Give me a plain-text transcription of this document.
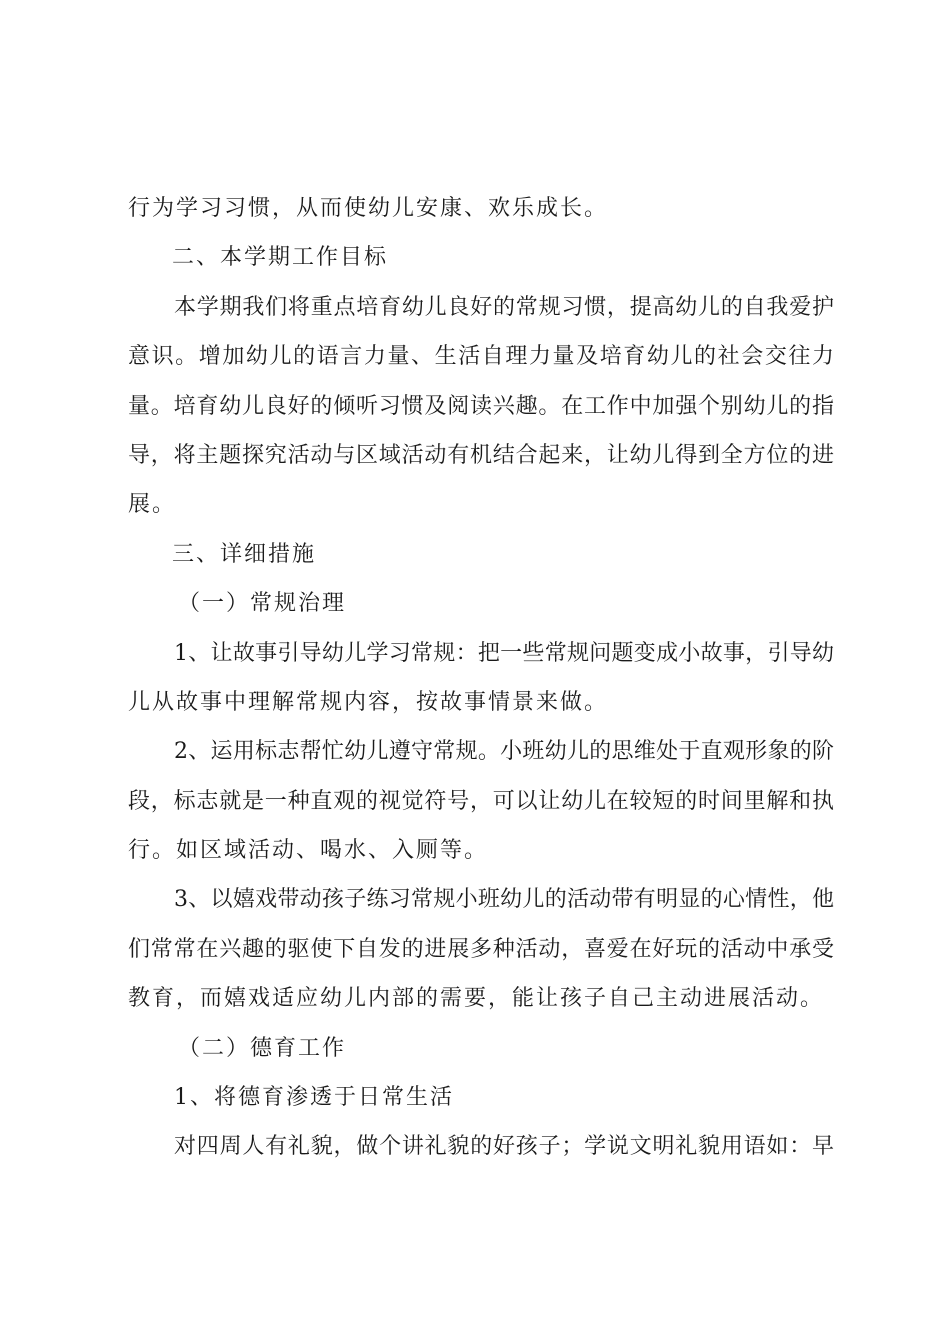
行为学习习惯，从而使幼儿安康、欢乐成长。
二、本学期工作目标
本学期我们将重点培育幼儿良好的常规习惯，提高幼儿的自我爱护
意识。增加幼儿的语言力量、生活自理力量及培育幼儿的社会交往力
量。培育幼儿良好的倾听习惯及阅读兴趣。在工作中加强个别幼儿的指
导，将主题探究活动与区域活动有机结合起来，让幼儿得到全方位的进
展。
三、详细措施
（一）常规治理
1、让故事引导幼儿学习常规：把一些常规问题变成小故事，引导幼
儿从故事中理解常规内容，按故事情景来做。
2、运用标志帮忙幼儿遵守常规。小班幼儿的思维处于直观形象的阶
段，标志就是一种直观的视觉符号，可以让幼儿在较短的时间里解和执
行。如区域活动、喝水、入厕等。
3、以嬉戏带动孩子练习常规小班幼儿的活动带有明显的心情性，他
们常常在兴趣的驱使下自发的进展多种活动，喜爱在好玩的活动中承受
教育，而嬉戏适应幼儿内部的需要，能让孩子自己主动进展活动。
（二）德育工作
1、将德育渗透于日常生活
对四周人有礼貌，做个讲礼貌的好孩子；学说文明礼貌用语如：早
